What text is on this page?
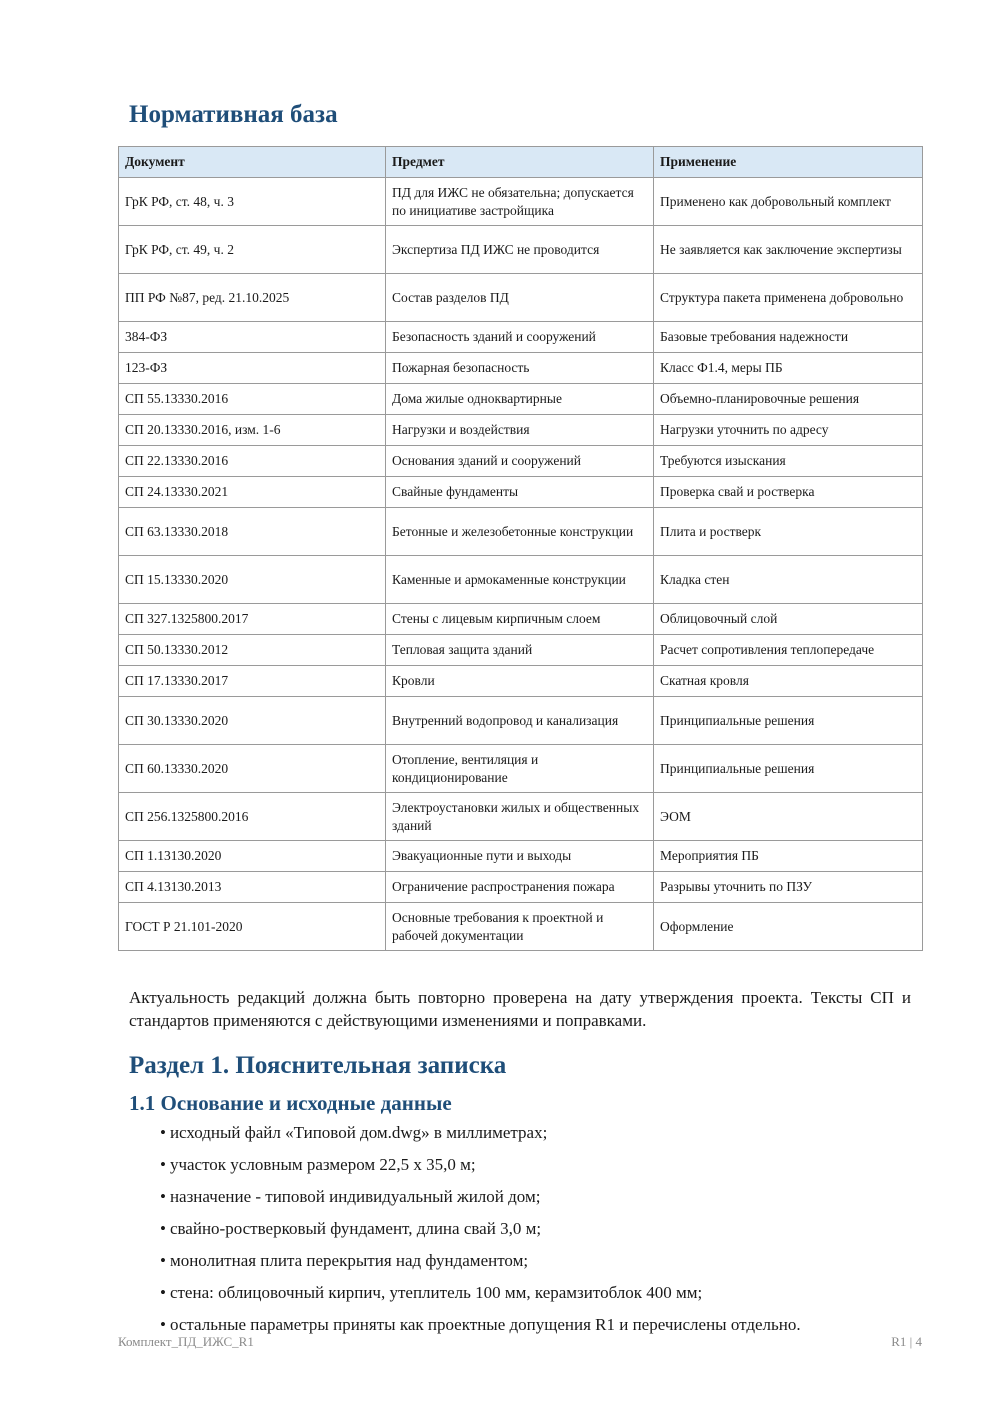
Нормативная база
Документ	Предмет	Применение
ГрК РФ, ст. 48, ч. 3	ПД для ИЖС не обязательна; допускается по инициативе застройщика	Применено как добровольный комплект
ГрК РФ, ст. 49, ч. 2	Экспертиза ПД ИЖС не проводится	Не заявляется как заключение экспертизы
ПП РФ №87, ред. 21.10.2025	Состав разделов ПД	Структура пакета применена добровольно
384-ФЗ	Безопасность зданий и сооружений	Базовые требования надежности
123-ФЗ	Пожарная безопасность	Класс Ф1.4, меры ПБ
СП 55.13330.2016	Дома жилые одноквартирные	Объемно-планировочные решения
СП 20.13330.2016, изм. 1-6	Нагрузки и воздействия	Нагрузки уточнить по адресу
СП 22.13330.2016	Основания зданий и сооружений	Требуются изыскания
СП 24.13330.2021	Свайные фундаменты	Проверка свай и ростверка
СП 63.13330.2018	Бетонные и железобетонные конструкции	Плита и ростверк
СП 15.13330.2020	Каменные и армокаменные конструкции	Кладка стен
СП 327.1325800.2017	Стены с лицевым кирпичным слоем	Облицовочный слой
СП 50.13330.2012	Тепловая защита зданий	Расчет сопротивления теплопередаче
СП 17.13330.2017	Кровли	Скатная кровля
СП 30.13330.2020	Внутренний водопровод и канализация	Принципиальные решения
СП 60.13330.2020	Отопление, вентиляция и кондиционирование	Принципиальные решения
СП 256.1325800.2016	Электроустановки жилых и общественных зданий	ЭОМ
СП 1.13130.2020	Эвакуационные пути и выходы	Мероприятия ПБ
СП 4.13130.2013	Ограничение распространения пожара	Разрывы уточнить по ПЗУ
ГОСТ Р 21.101-2020	Основные требования к проектной и рабочей документации	Оформление

Актуальность редакций должна быть повторно проверена на дату утверждения проекта. Тексты СП и стандартов применяются с действующими изменениями и поправками.

Раздел 1. Пояснительная записка
1.1 Основание и исходные данные
• исходный файл «Типовой дом.dwg» в миллиметрах;
• участок условным размером 22,5 х 35,0 м;
• назначение - типовой индивидуальный жилой дом;
• свайно-ростверковый фундамент, длина свай 3,0 м;
• монолитная плита перекрытия над фундаментом;
• стена: облицовочный кирпич, утеплитель 100 мм, керамзитоблок 400 мм;
• остальные параметры приняты как проектные допущения R1 и перечислены отдельно.
Комплект_ПД_ИЖС_R1	R1 | 4
